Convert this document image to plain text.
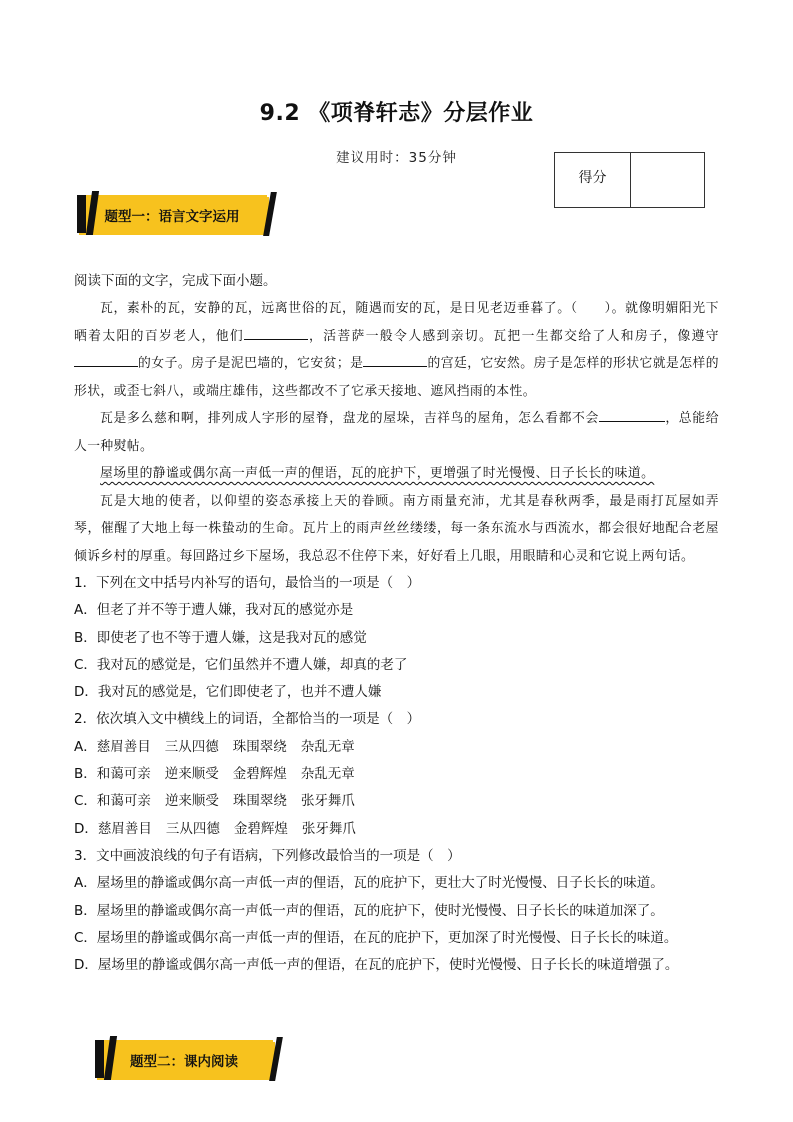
9.2 《项脊轩志》分层作业
建议用时：35分钟
得分
题型一：语言文字运用

阅读下面的文字，完成下面小题。

瓦，素朴的瓦，安静的瓦，远离世俗的瓦，随遇而安的瓦，是日见老迈垂暮了。（　　）。就像明媚阳光下晒着太阳的百岁老人，他们	，活菩萨一般令人感到亲切。瓦把一生都交给了人和房子，像遵守的女子。房子是泥巴墙的，它安贫；是	的宫廷，它安然。房子是怎样的形状它就是怎样的形状，或歪七斜八，或端庄雄伟，这些都改不了它承天接地、遮风挡雨的本性。

瓦是多么慈和啊，排列成人字形的屋脊，盘龙的屋垛，吉祥鸟的屋角，怎么看都不会	，总能给人一种熨帖。

屋场里的静谧或偶尔高一声低一声的俚语，瓦的庇护下，更增强了时光慢慢、日子长长的味道。

瓦是大地的使者，以仰望的姿态承接上天的眷顾。南方雨量充沛，尤其是春秋两季，最是雨打瓦屋如弄琴，催醒了大地上每一株蛰动的生命。瓦片上的雨声丝丝缕缕，每一条东流水与西流水，都会很好地配合老屋倾诉乡村的厚重。每回路过乡下屋场，我总忍不住停下来，好好看上几眼，用眼睛和心灵和它说上两句话。

1．下列在文中括号内补写的语句，最恰当的一项是（　）

A．但老了并不等于遭人嫌，我对瓦的感觉亦是

B．即使老了也不等于遭人嫌，这是我对瓦的感觉

C．我对瓦的感觉是，它们虽然并不遭人嫌，却真的老了

D．我对瓦的感觉是，它们即使老了，也并不遭人嫌

2．依次填入文中横线上的词语，全都恰当的一项是（　）

A．慈眉善目 三从四德 珠围翠绕 杂乱无章

B．和蔼可亲 逆来顺受 金碧辉煌 杂乱无章

C．和蔼可亲 逆来顺受 珠围翠绕 张牙舞爪

D．慈眉善目 三从四德 金碧辉煌 张牙舞爪

3．文中画波浪线的句子有语病，下列修改最恰当的一项是（　）

A．屋场里的静谧或偶尔高一声低一声的俚语，瓦的庇护下，更壮大了时光慢慢、日子长长的味道。

B．屋场里的静谧或偶尔高一声低一声的俚语，瓦的庇护下，使时光慢慢、日子长长的味道加深了。

C．屋场里的静谧或偶尔高一声低一声的俚语，在瓦的庇护下，更加深了时光慢慢、日子长长的味道。

D．屋场里的静谧或偶尔高一声低一声的俚语，在瓦的庇护下，使时光慢慢、日子长长的味道增强了。

题型二：课内阅读
